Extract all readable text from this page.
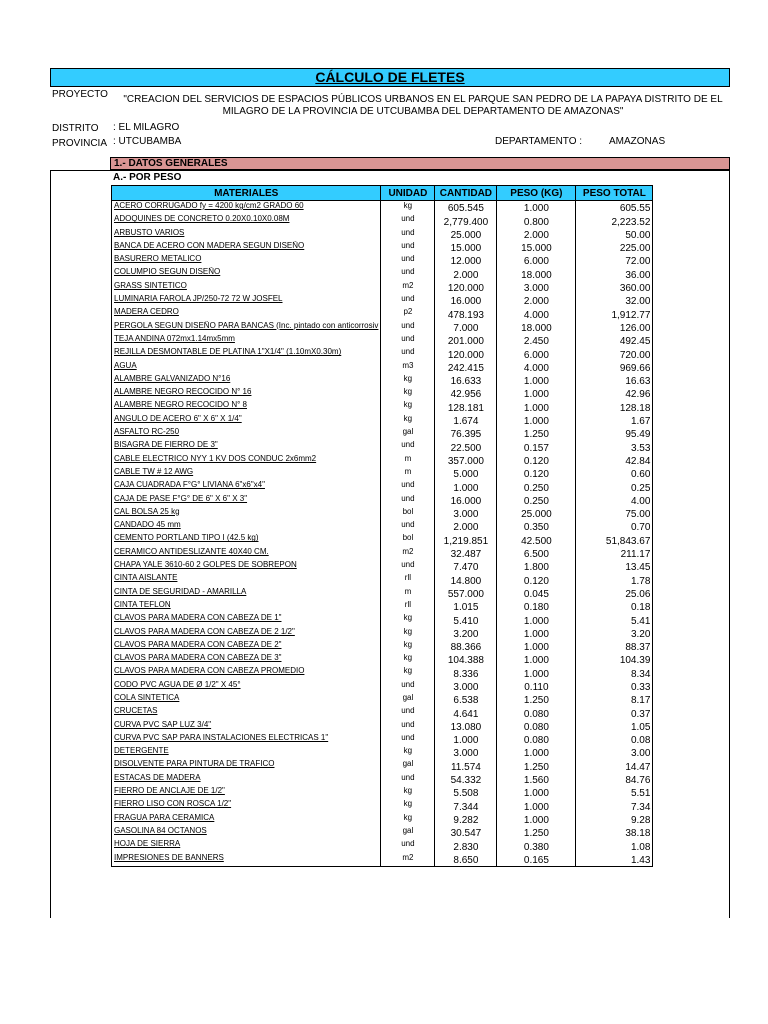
CÁLCULO DE FLETES
PROYECTO	"CREACION DEL SERVICIOS DE ESPACIOS PÚBLICOS URBANOS EN EL PARQUE SAN PEDRO DE LA PAPAYA DISTRITO DE EL MILAGRO DE LA PROVINCIA DE UTCUBAMBA DEL DEPARTAMENTO DE AMAZONAS"
DISTRITO : EL MILAGRO
PROVINCIA : UTCUBAMBA	DEPARTAMENTO :	AMAZONAS
1.- DATOS GENERALES
A.- POR PESO
MATERIALES	UNIDAD	CANTIDAD	PESO (KG)	PESO TOTAL
ACERO CORRUGADO fy = 4200 kg/cm2 GRADO 60	kg	605.545	1.000	605.55
ADOQUINES DE CONCRETO 0.20X0.10X0.08M	und	2,779.400	0.800	2,223.52
ARBUSTO VARIOS	und	25.000	2.000	50.00
BANCA DE ACERO CON MADERA SEGUN DISEÑO	und	15.000	15.000	225.00
BASURERO METALICO	und	12.000	6.000	72.00
COLUMPIO SEGUN DISEÑO	und	2.000	18.000	36.00
GRASS SINTETICO	m2	120.000	3.000	360.00
LUMINARIA FAROLA JP/250-72 72 W JOSFEL	und	16.000	2.000	32.00
MADERA CEDRO	p2	478.193	4.000	1,912.77
PERGOLA SEGUN DISEÑO PARA BANCAS (Inc. pintado con anticorrosiv	und	7.000	18.000	126.00
TEJA ANDINA 072mx1.14mx5mm	und	201.000	2.450	492.45
REJILLA DESMONTABLE DE PLATINA 1"X1/4" (1.10mX0.30m)	und	120.000	6.000	720.00
AGUA	m3	242.415	4.000	969.66
ALAMBRE GALVANIZADO N°16	kg	16.633	1.000	16.63
ALAMBRE NEGRO RECOCIDO N° 16	kg	42.956	1.000	42.96
ALAMBRE NEGRO RECOCIDO N° 8	kg	128.181	1.000	128.18
ANGULO DE ACERO 6" X 6" X 1/4"	kg	1.674	1.000	1.67
ASFALTO RC-250	gal	76.395	1.250	95.49
BISAGRA DE FIERRO DE 3"	und	22.500	0.157	3.53
CABLE ELECTRICO NYY 1 KV DOS CONDUC 2x6mm2	m	357.000	0.120	42.84
CABLE TW # 12 AWG	m	5.000	0.120	0.60
CAJA CUADRADA F°G° LIVIANA 6"x6"x4"	und	1.000	0.250	0.25
CAJA DE PASE F°G° DE 6" X 6" X 3"	und	16.000	0.250	4.00
CAL BOLSA 25 kg	bol	3.000	25.000	75.00
CANDADO 45 mm	und	2.000	0.350	0.70
CEMENTO PORTLAND TIPO I (42.5 kg)	bol	1,219.851	42.500	51,843.67
CERAMICO ANTIDESLIZANTE 40X40 CM.	m2	32.487	6.500	211.17
CHAPA YALE 3610-60 2 GOLPES DE SOBREPON	und	7.470	1.800	13.45
CINTA AISLANTE	rll	14.800	0.120	1.78
CINTA DE SEGURIDAD - AMARILLA	m	557.000	0.045	25.06
CINTA TEFLON	rll	1.015	0.180	0.18
CLAVOS PARA MADERA CON CABEZA DE 1"	kg	5.410	1.000	5.41
CLAVOS PARA MADERA CON CABEZA DE 2 1/2"	kg	3.200	1.000	3.20
CLAVOS PARA MADERA CON CABEZA DE 2"	kg	88.366	1.000	88.37
CLAVOS PARA MADERA CON CABEZA DE 3"	kg	104.388	1.000	104.39
CLAVOS PARA MADERA CON CABEZA PROMEDIO	kg	8.336	1.000	8.34
CODO PVC AGUA DE Ø 1/2" X 45°	und	3.000	0.110	0.33
COLA SINTETICA	gal	6.538	1.250	8.17
CRUCETAS	und	4.641	0.080	0.37
CURVA PVC SAP LUZ 3/4"	und	13.080	0.080	1.05
CURVA PVC SAP PARA INSTALACIONES ELECTRICAS 1"	und	1.000	0.080	0.08
DETERGENTE	kg	3.000	1.000	3.00
DISOLVENTE PARA PINTURA DE TRAFICO	gal	11.574	1.250	14.47
ESTACAS DE MADERA	und	54.332	1.560	84.76
FIERRO DE ANCLAJE DE 1/2"	kg	5.508	1.000	5.51
FIERRO LISO CON ROSCA 1/2"	kg	7.344	1.000	7.34
FRAGUA PARA CERAMICA	kg	9.282	1.000	9.28
GASOLINA 84 OCTANOS	gal	30.547	1.250	38.18
HOJA DE SIERRA	und	2.830	0.380	1.08
IMPRESIONES DE BANNERS	m2	8.650	0.165	1.43
